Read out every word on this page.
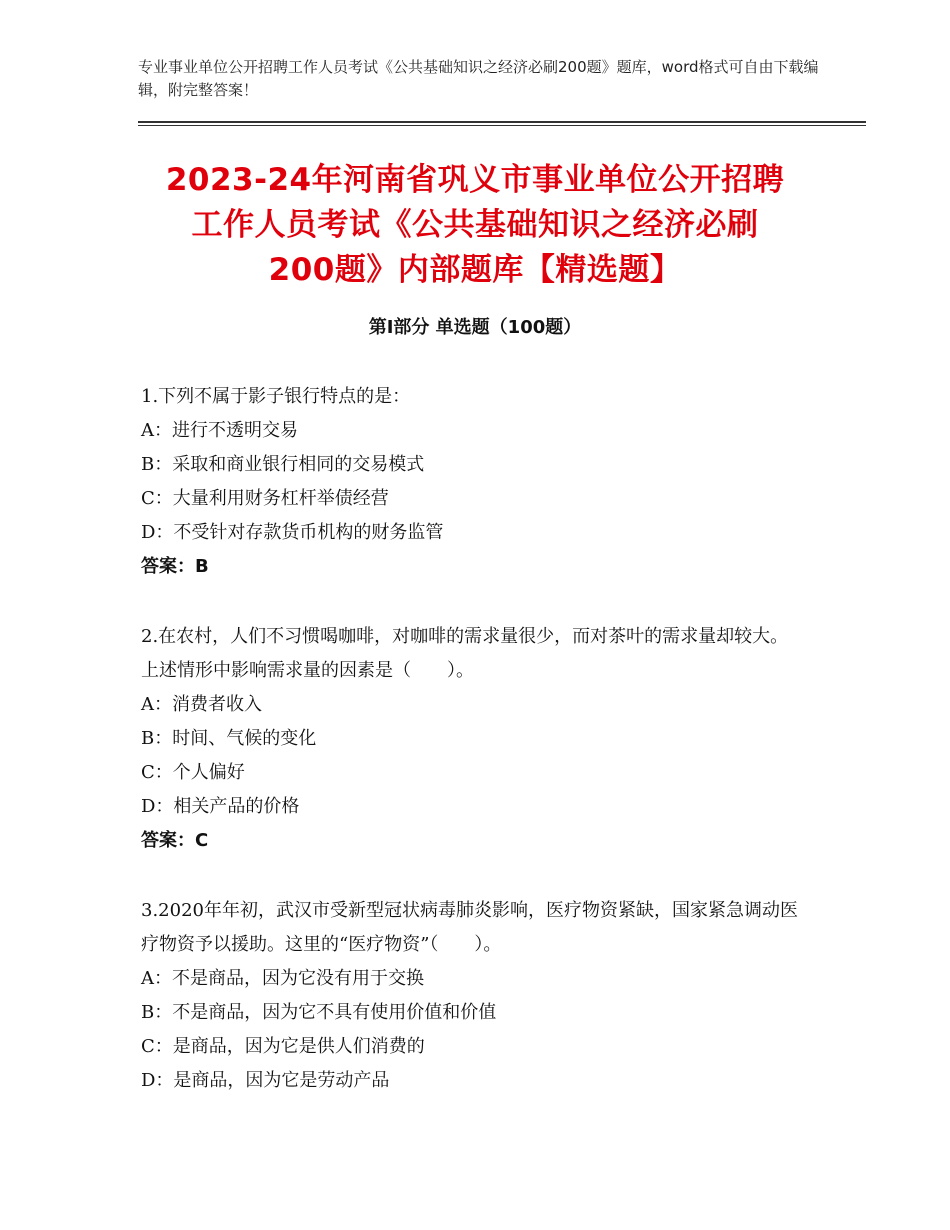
专业事业单位公开招聘工作人员考试《公共基础知识之经济必刷200题》题库，word格式可自由下载编辑，附完整答案！
2023-24年河南省巩义市事业单位公开招聘
工作人员考试《公共基础知识之经济必刷
200题》内部题库【精选题】
第Ⅰ部分 单选题（100题）
1.下列不属于影子银行特点的是：
A：进行不透明交易
B：采取和商业银行相同的交易模式
C：大量利用财务杠杆举债经营
D：不受针对存款货币机构的财务监管
答案：B
2.在农村，人们不习惯喝咖啡，对咖啡的需求量很少，而对茶叶的需求量却较大。上述情形中影响需求量的因素是（　　）。
A：消费者收入
B：时间、气候的变化
C：个人偏好
D：相关产品的价格
答案：C
3.2020年年初，武汉市受新型冠状病毒肺炎影响，医疗物资紧缺，国家紧急调动医疗物资予以援助。这里的“医疗物资”（　　）。
A：不是商品，因为它没有用于交换
B：不是商品，因为它不具有使用价值和价值
C：是商品，因为它是供人们消费的
D：是商品，因为它是劳动产品
